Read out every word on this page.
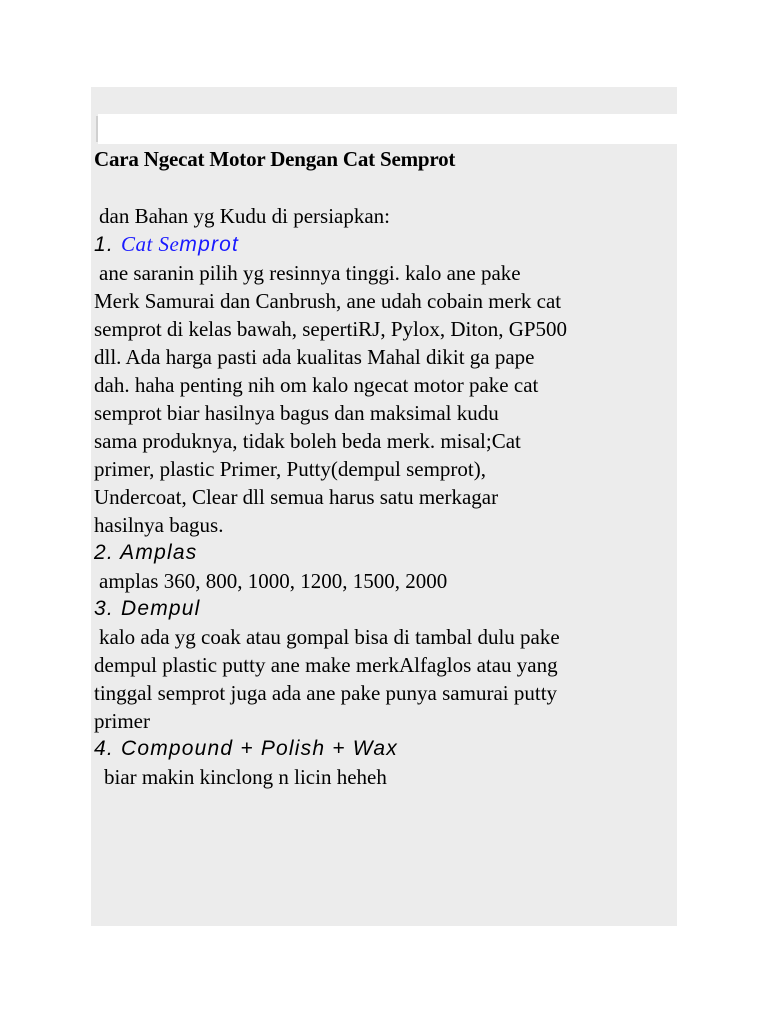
Cara Ngecat Motor Dengan Cat Semprot

dan Bahan yg Kudu di persiapkan:

1. Cat Semprot
ane saranin pilih yg resinnya tinggi. kalo ane pake
Merk Samurai dan Canbrush, ane udah cobain merk cat
semprot di kelas bawah, sepertiRJ, Pylox, Diton, GP500
dll. Ada harga pasti ada kualitas Mahal dikit ga pape
dah. haha penting nih om kalo ngecat motor pake cat
semprot biar hasilnya bagus dan maksimal kudu
sama produknya, tidak boleh beda merk. misal;Cat
primer, plastic Primer, Putty(dempul semprot),
Undercoat, Clear dll semua harus satu merkagar
hasilnya bagus.
2. Amplas
amplas 360, 800, 1000, 1200, 1500, 2000
3. Dempul
kalo ada yg coak atau gompal bisa di tambal dulu pake
dempul plastic putty ane make merkAlfaglos atau yang
tinggal semprot juga ada ane pake punya samurai putty
primer
4. Compound + Polish + Wax
biar makin kinclong n licin heheh
